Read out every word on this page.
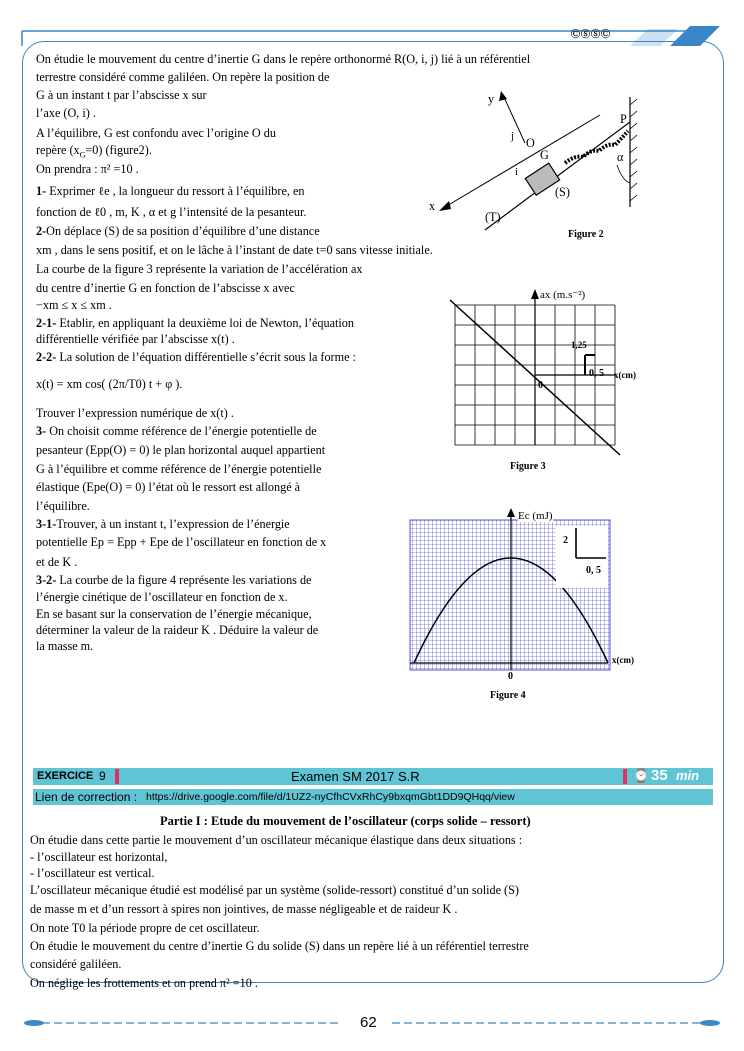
ⒸⓈⓈⒸ

On étudie le mouvement du centre d’inertie G dans le repère orthonormé R(O, i, j) lié à un référentiel

terrestre considéré comme galiléen. On repère la position de

G à un instant t par l’abscisse x sur

l’axe (O, i) .

A l’équilibre, G est confondu avec l’origine O du

repère $(x_G=0)$ (figure2).

On prendra : π² =10 .

1- Exprimer ℓe , la longueur du ressort à l’équilibre, en

fonction de ℓ0 , m, K , α et g l’intensité de la pesanteur.

2-On déplace (S) de sa position d’équilibre d’une distance

xm , dans le sens positif, et on le lâche à l’instant de date t=0 sans vitesse initiale.

La courbe de la figure 3 représente la variation de l’accélération ax

du centre d’inertie G en fonction de l’abscisse x avec

−xm ≤ x ≤ xm .

2-1- Etablir, en appliquant la deuxième loi de Newton, l’équation

différentielle vérifiée par l’abscisse x(t) .

2-2- La solution de l’équation différentielle s’écrit sous la forme :

x(t) = xm cos( (2π/T0) t + φ ).

Trouver l’expression numérique de x(t) .

3- On choisit comme référence de l’énergie potentielle de

pesanteur (Epp(O) = 0) le plan horizontal auquel appartient

G à l’équilibre et comme référence de l’énergie potentielle

élastique (Epe(O) = 0) l’état où le ressort est allongé à

l’équilibre.

3-1-Trouver, à un instant t, l’expression de l’énergie

potentielle Ep = Epp + Epe de l’oscillateur en fonction de x

et de K .

3-2- La courbe de la figure 4 représente les variations de

l’énergie cinétique de l’oscillateur en fonction de x.

En se basant sur la conservation de l’énergie mécanique,

déterminer la valeur de la raideur K . Déduire la valeur de

la masse m.

y
x
j
i
O
G
P
α
(S)
(T)
Figure 2
ax (m.s⁻²)
1,25
0, 5 x(cm)
0
Figure 3
Ec (mJ)
2
0, 5
x(cm)
0
Figure 4
EXERCICE 9	Examen SM 2017 S.R	⌚ 35 min
Lien de correction : https://drive.google.com/file/d/1UZ2-nyCfhCVxRhCy9bxqmGbt1DD9QHqq/view

Partie I : Etude du mouvement de l’oscillateur (corps solide – ressort)

On étudie dans cette partie le mouvement d’un oscillateur mécanique élastique dans deux situations :

- l’oscillateur est horizontal,

- l’oscillateur est vertical.

L’oscillateur mécanique étudié est modélisé par un système (solide-ressort) constitué d’un solide (S)

de masse m et d’un ressort à spires non jointives, de masse négligeable et de raideur K .

On note T0 la période propre de cet oscillateur.

On étudie le mouvement du centre d’inertie G du solide (S) dans un repère lié à un référentiel terrestre

considéré galiléen.

On néglige les frottements et on prend π² =10 .

62
